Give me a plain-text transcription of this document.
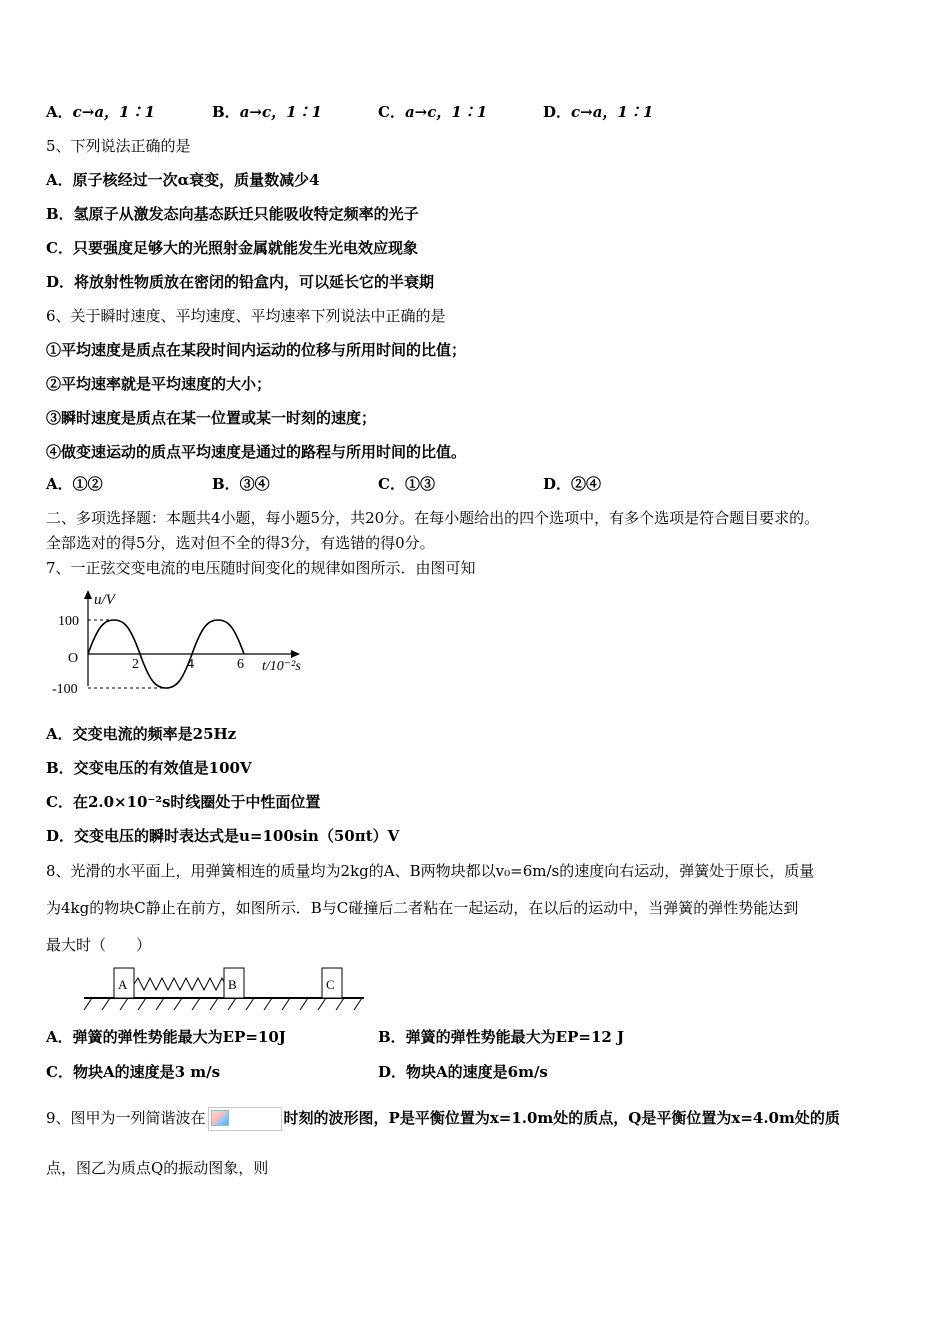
A．c→a，1∶1	B．a→c，1∶1	C．a→c，1∶1	D．c→a，1∶1
5、下列说法正确的是
A．原子核经过一次α衰变，质量数减少4
B．氢原子从激发态向基态跃迁只能吸收特定频率的光子
C．只要强度足够大的光照射金属就能发生光电效应现象
D．将放射性物质放在密闭的铅盒内，可以延长它的半衰期
6、关于瞬时速度、平均速度、平均速率下列说法中正确的是
①平均速度是质点在某段时间内运动的位移与所用时间的比值；
②平均速率就是平均速度的大小；
③瞬时速度是质点在某一位置或某一时刻的速度；
④做变速运动的质点平均速度是通过的路程与所用时间的比值。
A．①②	B．③④	C．①③	D．②④
二、多项选择题：本题共4小题，每小题5分，共20分。在每小题给出的四个选项中，有多个选项是符合题目要求的。
全部选对的得5分，选对但不全的得3分，有选错的得0分。
7、一正弦交变电流的电压随时间变化的规律如图所示．由图可知
u/V
100
O
-100
2	4	6 t/10⁻²s
A．交变电流的频率是25Hz
B．交变电压的有效值是100V
C．在2.0×10⁻²s时线圈处于中性面位置
D．交变电压的瞬时表达式是u=100sin（50πt）V
8、光滑的水平面上，用弹簧相连的质量均为2kg的A、B两物块都以v₀=6m/s的速度向右运动，弹簧处于原长，质量
为4kg的物块C静止在前方，如图所示．B与C碰撞后二者粘在一起运动，在以后的运动中，当弹簧的弹性势能达到
最大时（　　）
A	B	C
A．弹簧的弹性势能最大为EP=10J	B．弹簧的弹性势能最大为EP=12 J
C．物块A的速度是3 m/s	D．物块A的速度是6m/s
9、图甲为一列简谐波在	时刻的波形图，P是平衡位置为x=1.0m处的质点，Q是平衡位置为x=4.0m处的质
点，图乙为质点Q的振动图象，则
